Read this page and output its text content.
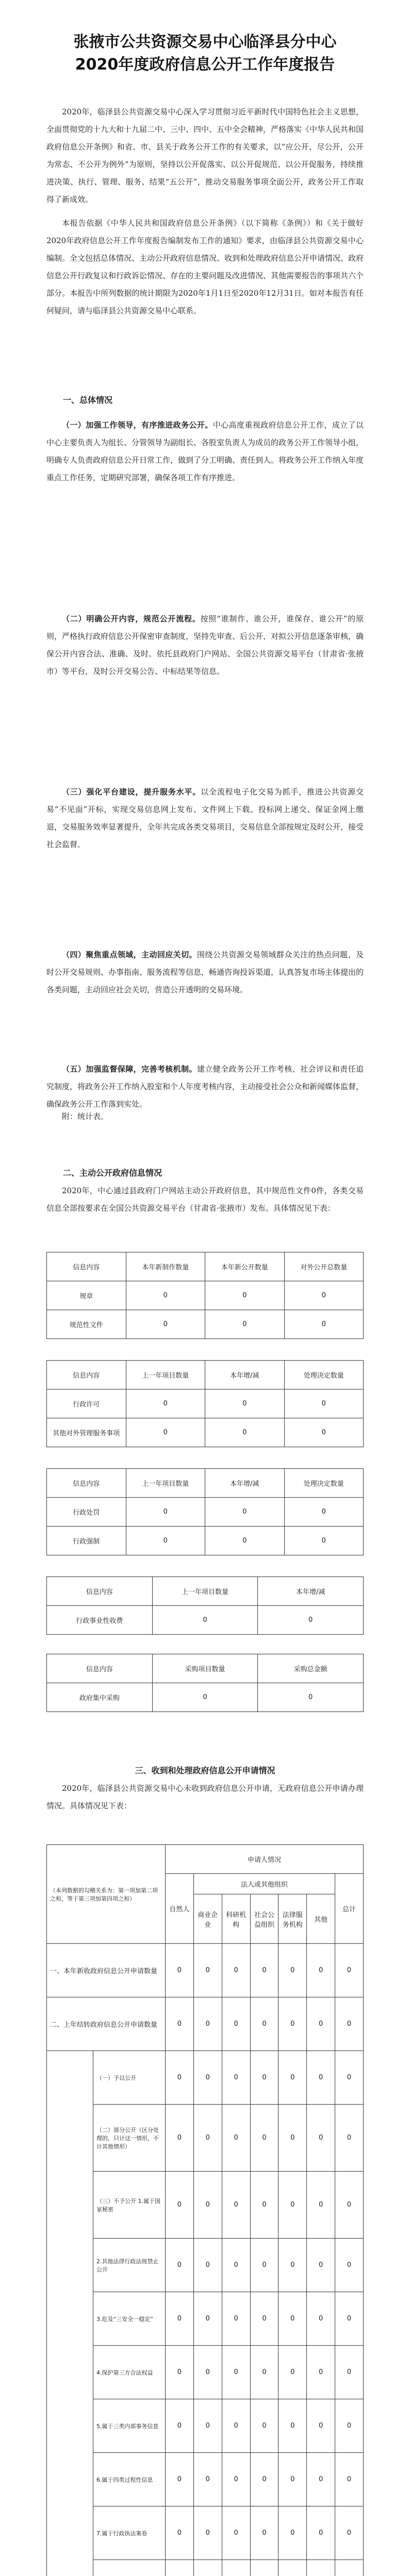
张掖市公共资源交易中心临泽县分中心
2020年度政府信息公开工作年度报告

2020年，临泽县公共资源交易中心深入学习贯彻习近平新时代中国特色社会主义思想，全面贯彻党的十九大和十九届二中、三中、四中、五中全会精神，严格落实《中华人民共和国政府信息公开条例》和省、市、县关于政务公开工作的有关要求，以“应公开、尽公开，公开为常态、不公开为例外”为原则，坚持以公开促落实、以公开促规范、以公开促服务，持续推进决策、执行、管理、服务、结果“五公开”，推动交易服务事项全面公开，政务公开工作取得了新成效。

本报告依据《中华人民共和国政府信息公开条例》（以下简称《条例》）和《关于做好2020年政府信息公开工作年度报告编制发布工作的通知》要求，由临泽县公共资源交易中心编制。全文包括总体情况、主动公开政府信息情况、收到和处理政府信息公开申请情况、政府信息公开行政复议和行政诉讼情况、存在的主要问题及改进情况、其他需要报告的事项共六个部分。本报告中所列数据的统计期限为2020年1月1日至2020年12月31日。如对本报告有任何疑问，请与临泽县公共资源交易中心联系。

一、总体情况

（一）加强工作领导，有序推进政务公开。中心高度重视政府信息公开工作，成立了以中心主要负责人为组长、分管领导为副组长、各股室负责人为成员的政务公开工作领导小组，明确专人负责政府信息公开日常工作，做到了分工明确、责任到人。将政务公开工作纳入年度重点工作任务，定期研究部署，确保各项工作有序推进。

（二）明确公开内容，规范公开流程。按照“谁制作、谁公开，谁保存、谁公开”的原则，严格执行政府信息公开保密审查制度，坚持先审查、后公开，对拟公开信息逐条审核，确保公开内容合法、准确、及时。依托县政府门户网站、全国公共资源交易平台（甘肃省·张掖市）等平台，及时公开交易公告、中标结果等信息。

（三）强化平台建设，提升服务水平。以全流程电子化交易为抓手，推进公共资源交易“不见面”开标，实现交易信息网上发布、文件网上下载、投标网上递交、保证金网上缴退，交易服务效率显著提升，全年共完成各类交易项目，交易信息全部按规定及时公开，接受社会监督。

（四）聚焦重点领域，主动回应关切。围绕公共资源交易领域群众关注的热点问题，及时公开交易规则、办事指南、服务流程等信息，畅通咨询投诉渠道，认真答复市场主体提出的各类问题，主动回应社会关切，营造公开透明的交易环境。

（五）加强监督保障，完善考核机制。建立健全政务公开工作考核、社会评议和责任追究制度，将政务公开工作纳入股室和个人年度考核内容，主动接受社会公众和新闻媒体监督，确保政务公开工作落到实处。

附：统计表。

二、主动公开政府信息情况

2020年，中心通过县政府门户网站主动公开政府信息，其中规范性文件0件，各类交易信息全部按要求在全国公共资源交易平台（甘肃省·张掖市）发布。具体情况见下表：

信息内容	本年新制作数量	本年新公开数量	对外公开总数量
规章	0	0	0
规范性文件	0	0	0
信息内容	上一年项目数量	本年增/减	处理决定数量
行政许可	0	0	0
其他对外管理服务事项	0	0	0
信息内容	上一年项目数量	本年增/减	处理决定数量
行政处罚	0	0	0
行政强制	0	0	0
信息内容	上一年项目数量	本年增/减
行政事业性收费	0	0
信息内容	采购项目数量	采购总金额
政府集中采购	0	0

三、收到和处理政府信息公开申请情况

2020年，临泽县公共资源交易中心未收到政府信息公开申请，无政府信息公开申请办理情况。具体情况见下表：

（本列数据的勾稽关系为：第一项加第二项之和，等于第三项加第四项之和）		申请人情况						
		自然人	法人或其他组织					总计
			商业企业	科研机构	社会公益组织	法律服务机构	其他	
一、本年新收政府信息公开申请数量		0	0	0	0	0	0	0
二、上年结转政府信息公开申请数量		0	0	0	0	0	0	0
	（一）予以公开	0	0	0	0	0	0	0
	（二）部分公开（区分处理的，只计这一情形，不计其他情形）	0	0	0	0	0	0	0
	（三）不予公开 1.属于国家秘密	0	0	0	0	0	0	0
	2.其他法律行政法规禁止公开	0	0	0	0	0	0	0
	3.危及“三安全一稳定”	0	0	0	0	0	0	0
	4.保护第三方合法权益	0	0	0	0	0	0	0
	5.属于三类内部事务信息	0	0	0	0	0	0	0
	6.属于四类过程性信息	0	0	0	0	0	0	0
	7.属于行政执法案卷	0	0	0	0	0	0	0
